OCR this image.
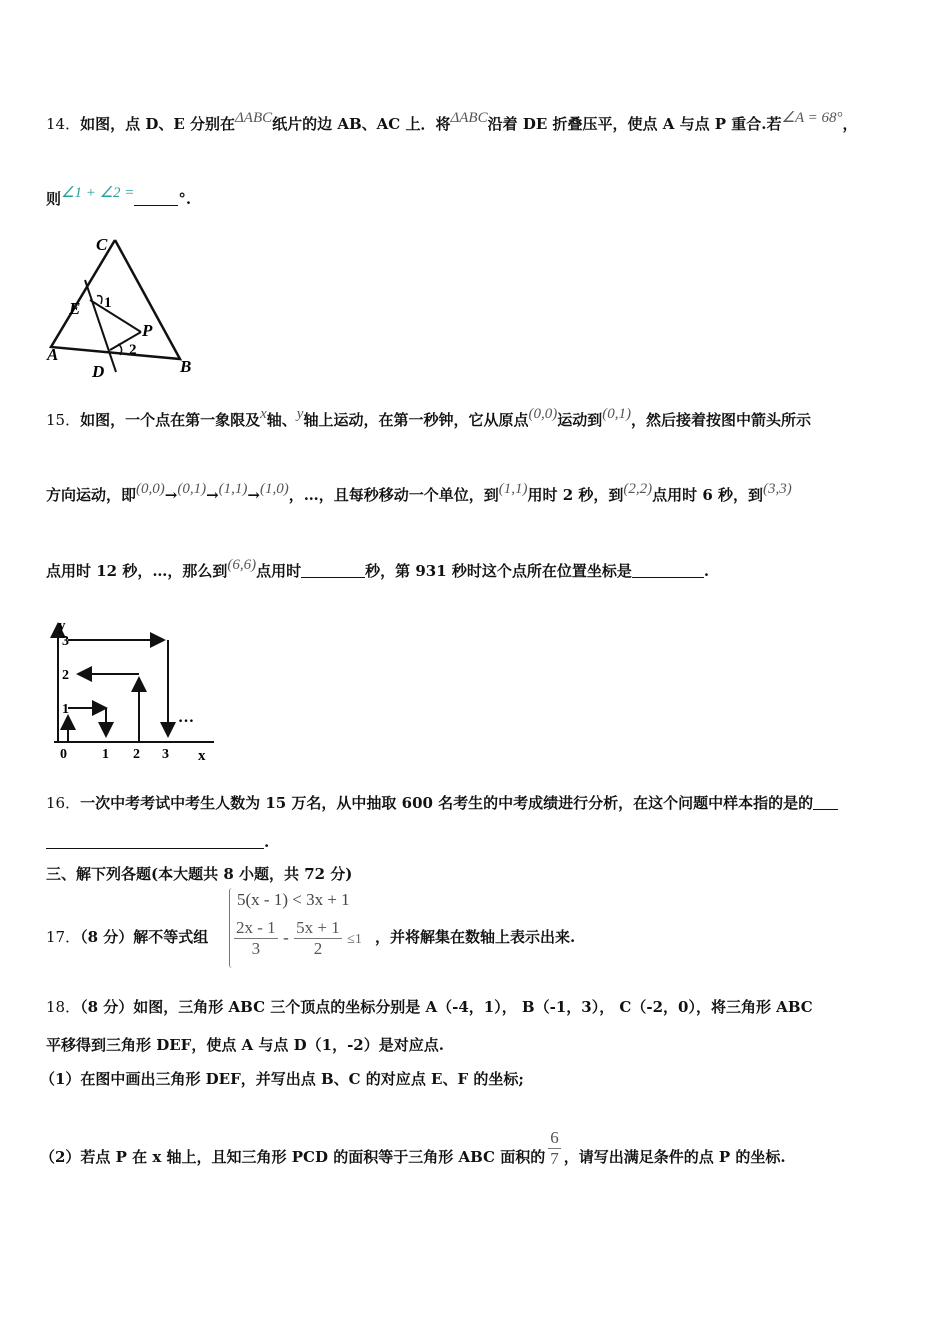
14．如图，点 D、E 分别在ΔABC纸片的边 AB、AC 上．将ΔABC沿着 DE 折叠压平，使点 A 与点 P 重合.若∠A = 68°，
则∠1 + ∠2 =	°.
C
E 1
P
2
A
D	B
15．如图，一个点在第一象限及x轴、y轴上运动，在第一秒钟，它从原点(0,0)运动到(0,1)，然后接着按图中箭头所示
方向运动，即(0,0)→(0,1)→(1,1)→(1,0)，…，且每秒移动一个单位，到(1,1)用时 2 秒，到(2,2)点用时 6 秒，到(3,3)
点用时 12 秒，…，那么到(6,6)点用时	秒，第 931 秒时这个点所在位置坐标是	.
y
3
2
1
0	1 2 3 x
…
16．一次中考考试中考生人数为 15 万名，从中抽取 600 名考生的中考成绩进行分析，在这个问题中样本指的是的
.
三、解下列各题(本大题共 8 小题，共 72 分)
17．（8 分）解不等式组
5(x - 1) < 3x + 1
$\frac{2x - 1}{3} - \frac{5x + 1}{2} \le 1$ ，并将解集在数轴上表示出来.
18．（8 分）如图，三角形 ABC 三个顶点的坐标分别是 A（-4，1）， B（-1，3）， C（-2，0），将三角形 ABC
平移得到三角形 DEF，使点 A 与点 D（1，-2）是对应点.
（1）在图中画出三角形 DEF，并写出点 B、C 的对应点 E、F 的坐标;
（2）若点 P 在 x 轴上，且知三角形 PCD 的面积等于三角形 ABC 面积的 $\frac{6}{7}$ ，请写出满足条件的点 P 的坐标.
